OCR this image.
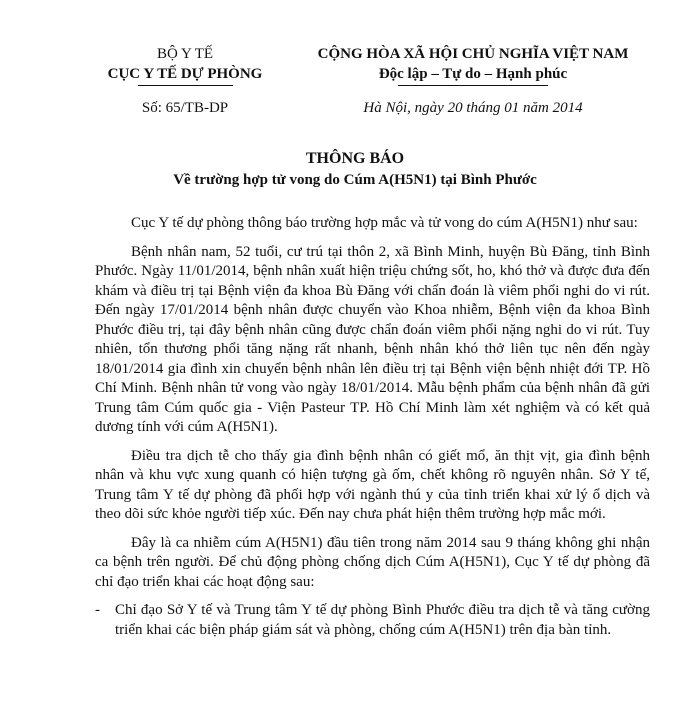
BỘ Y TẾ
CỤC Y TẾ DỰ PHÒNG
Số: 65/TB-DP
CỘNG HÒA XÃ HỘI CHỦ NGHĨA VIỆT NAM
Độc lập – Tự do – Hạnh phúc
Hà Nội, ngày 20 tháng 01 năm 2014
THÔNG BÁO
Về trường hợp tử vong do Cúm A(H5N1) tại Bình Phước

Cục Y tế dự phòng thông báo trường hợp mắc và tử vong do cúm A(H5N1) như sau:

Bệnh nhân nam, 52 tuổi, cư trú tại thôn 2, xã Bình Minh, huyện Bù Đăng, tỉnh Bình Phước. Ngày 11/01/2014, bệnh nhân xuất hiện triệu chứng sốt, ho, khó thở và được đưa đến khám và điều trị tại Bệnh viện đa khoa Bù Đăng với chẩn đoán là viêm phổi nghi do vi rút. Đến ngày 17/01/2014 bệnh nhân được chuyển vào Khoa nhiễm, Bệnh viện đa khoa Bình Phước điều trị, tại đây bệnh nhân cũng được chẩn đoán viêm phổi nặng nghi do vi rút. Tuy nhiên, tổn thương phổi tăng nặng rất nhanh, bệnh nhân khó thở liên tục nên đến ngày 18/01/2014 gia đình xin chuyển bệnh nhân lên điều trị tại Bệnh viện bệnh nhiệt đới TP. Hồ Chí Minh. Bệnh nhân tử vong vào ngày 18/01/2014. Mẫu bệnh phẩm của bệnh nhân đã gửi Trung tâm Cúm quốc gia - Viện Pasteur TP. Hồ Chí Minh làm xét nghiệm và có kết quả dương tính với cúm A(H5N1).

Điều tra dịch tễ cho thấy gia đình bệnh nhân có giết mổ, ăn thịt vịt, gia đình bệnh nhân và khu vực xung quanh có hiện tượng gà ốm, chết không rõ nguyên nhân. Sở Y tế, Trung tâm Y tế dự phòng đã phối hợp với ngành thú y của tỉnh triển khai xử lý ổ dịch và theo dõi sức khỏe người tiếp xúc. Đến nay chưa phát hiện thêm trường hợp mắc mới.

Đây là ca nhiễm cúm A(H5N1) đầu tiên trong năm 2014 sau 9 tháng không ghi nhận ca bệnh trên người. Để chủ động phòng chống dịch Cúm A(H5N1), Cục Y tế dự phòng đã chỉ đạo triển khai các hoạt động sau:

- Chỉ đạo Sở Y tế và Trung tâm Y tế dự phòng Bình Phước điều tra dịch tễ và tăng cường triển khai các biện pháp giám sát và phòng, chống cúm A(H5N1) trên địa bàn tỉnh.
